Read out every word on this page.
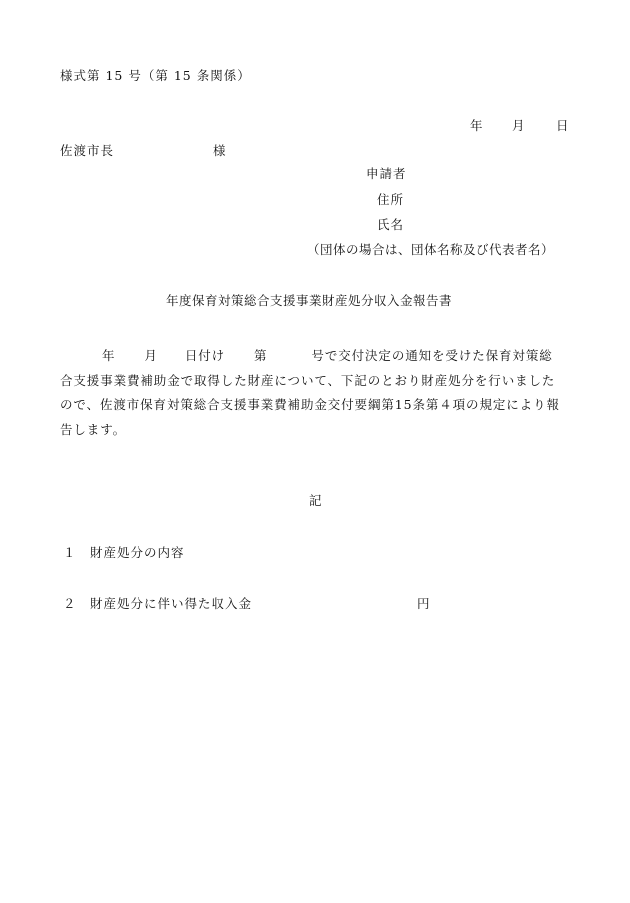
様式第 15 号（第 15 条関係）
年 月	日
佐渡市長	様
申請者
住所
氏名
（団体の場合は、団体名称及び代表者名）
年度保育対策総合支援事業財産処分収入金報告書
年 月 日付け 第	号で交付決定の通知を受けた保育対策総
合支援事業費補助金で取得した財産について、下記のとおり財産処分を行いました
ので、佐渡市保育対策総合支援事業費補助金交付要綱第15条第４項の規定により報
告します。
記
１ 財産処分の内容
２ 財産処分に伴い得た収入金	円
